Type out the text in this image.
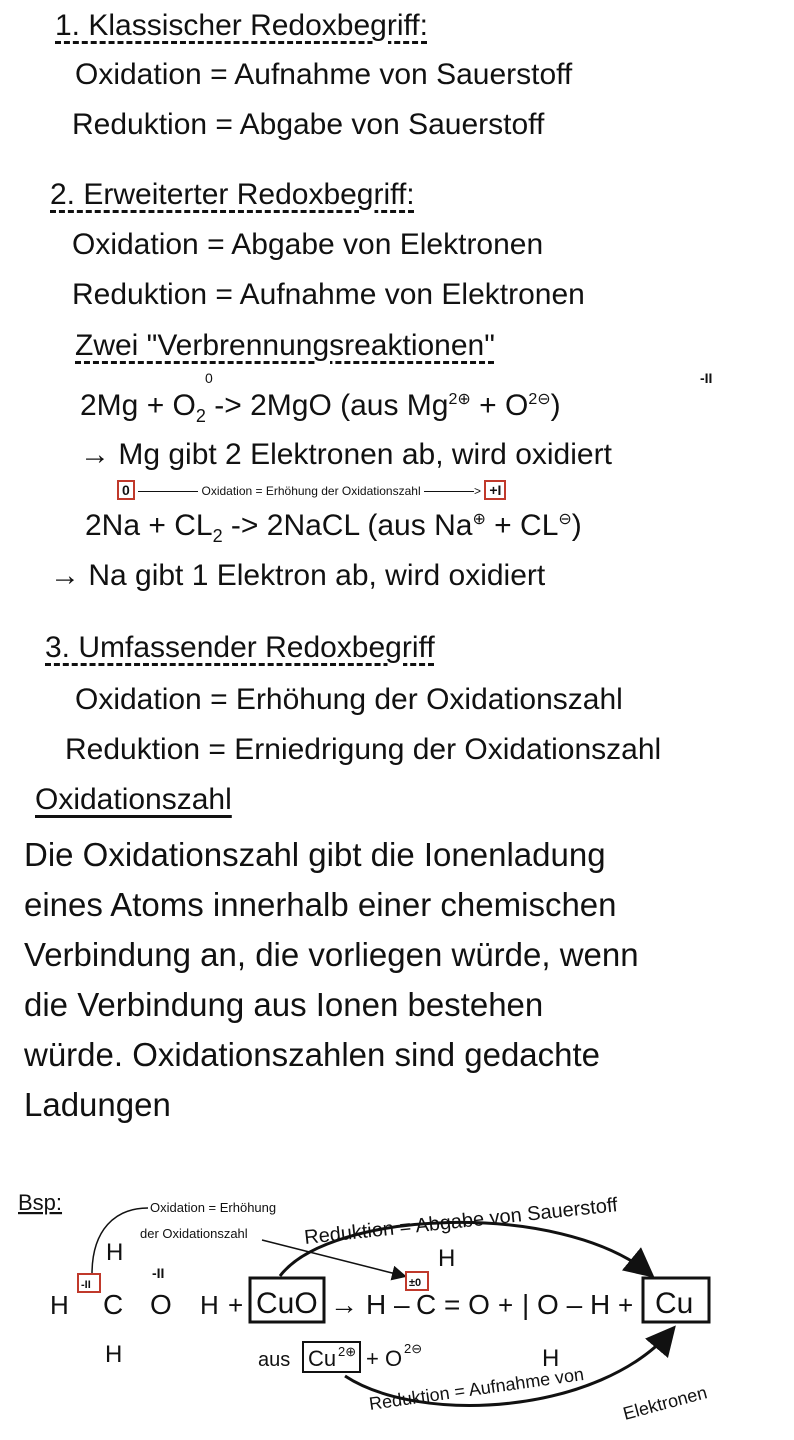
1. Klassischer Redoxbegriff:
Oxidation = Aufnahme von Sauerstoff
Reduktion = Abgabe von Sauerstoff
2. Erweiterter Redoxbegriff:
Oxidation = Abgabe von Elektronen
Reduktion = Aufnahme von Elektronen
Zwei "Verbrennungsreaktionen"
0	-II
$2Mg + O_2 -> 2MgO$ (aus $Mg^{2\oplus} + O^{2⊖}$)
→ Mg gibt 2 Elektronen ab, wird oxidiert
0	Oxidation = Erhöhung der Oxidationszahl	> +I
$2Na + CL_2$ -> 2NaCL (aus Na⊕ + CL⊖)
→ Na gibt 1 Elektron ab, wird oxidiert
3. Umfassender Redoxbegriff
Oxidation = Erhöhung der Oxidationszahl
Reduktion = Erniedrigung der Oxidationszahl
Oxidationszahl
Die Oxidationszahl gibt die Ionenladung
eines Atoms innerhalb einer chemischen
Verbindung an, die vorliegen würde, wenn
die Verbindung aus Ionen bestehen
würde. Oxidationszahlen sind gedachte
Ladungen
Bsp:	Oxidation = Erhöhung
der Oxidationszahl	Reduktion = Abgabe von Sauerstoff
Reduktion = Aufnahme von Elektronen
-II
H
H C O
-II
H
H
+ CuO → H – C = O
H
±0
+ | O – H
H
+ Cu
aus Cu 2⊕ + O 2⊖
